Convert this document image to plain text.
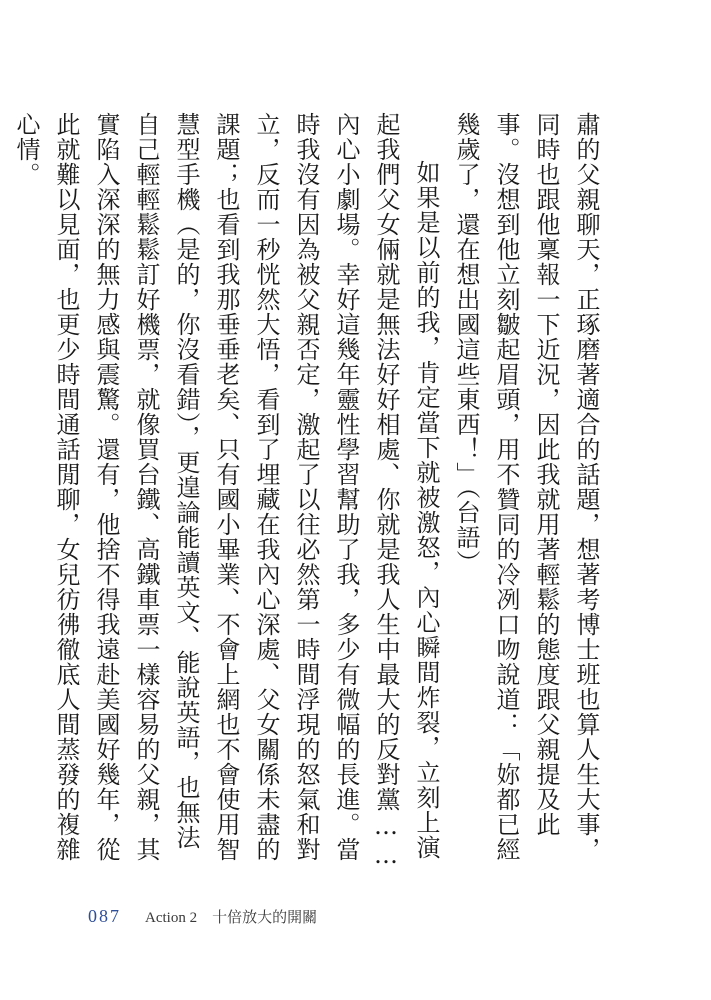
肅的父親聊天，正琢磨著適合的話題，想著考博士班也算人生大事，同時也跟他稟報一下近況，因此我就用著輕鬆的態度跟父親提及此事。沒想到他立刻皺起眉頭，用不贊同的冷冽口吻說道：「妳都已經幾歲了，還在想出國這些東西！」（台語）

如果是以前的我，肯定當下就被激怒，內心瞬間炸裂，立刻上演起我們父女倆就是無法好好相處、你就是我人生中最大的反對黨……內心小劇場。幸好這幾年靈性學習幫助了我，多少有微幅的長進。當時我沒有因為被父親否定，激起了以往必然第一時間浮現的怒氣和對立，反而一秒恍然大悟，看到了埋藏在我內心深處、父女關係未盡的課題；也看到我那垂垂老矣、只有國小畢業、不會上網也不會使用智慧型手機（是的，你沒看錯），更遑論能讀英文、能說英語，也無法自己輕輕鬆鬆訂好機票，就像買台鐵、高鐵車票一樣容易的父親，其實陷入深深的無力感與震驚。還有，他捨不得我遠赴美國好幾年，從此就難以見面，也更少時間通話閒聊，女兒彷彿徹底人間蒸發的複雜心情。

087 Action 2　十倍放大的開關
